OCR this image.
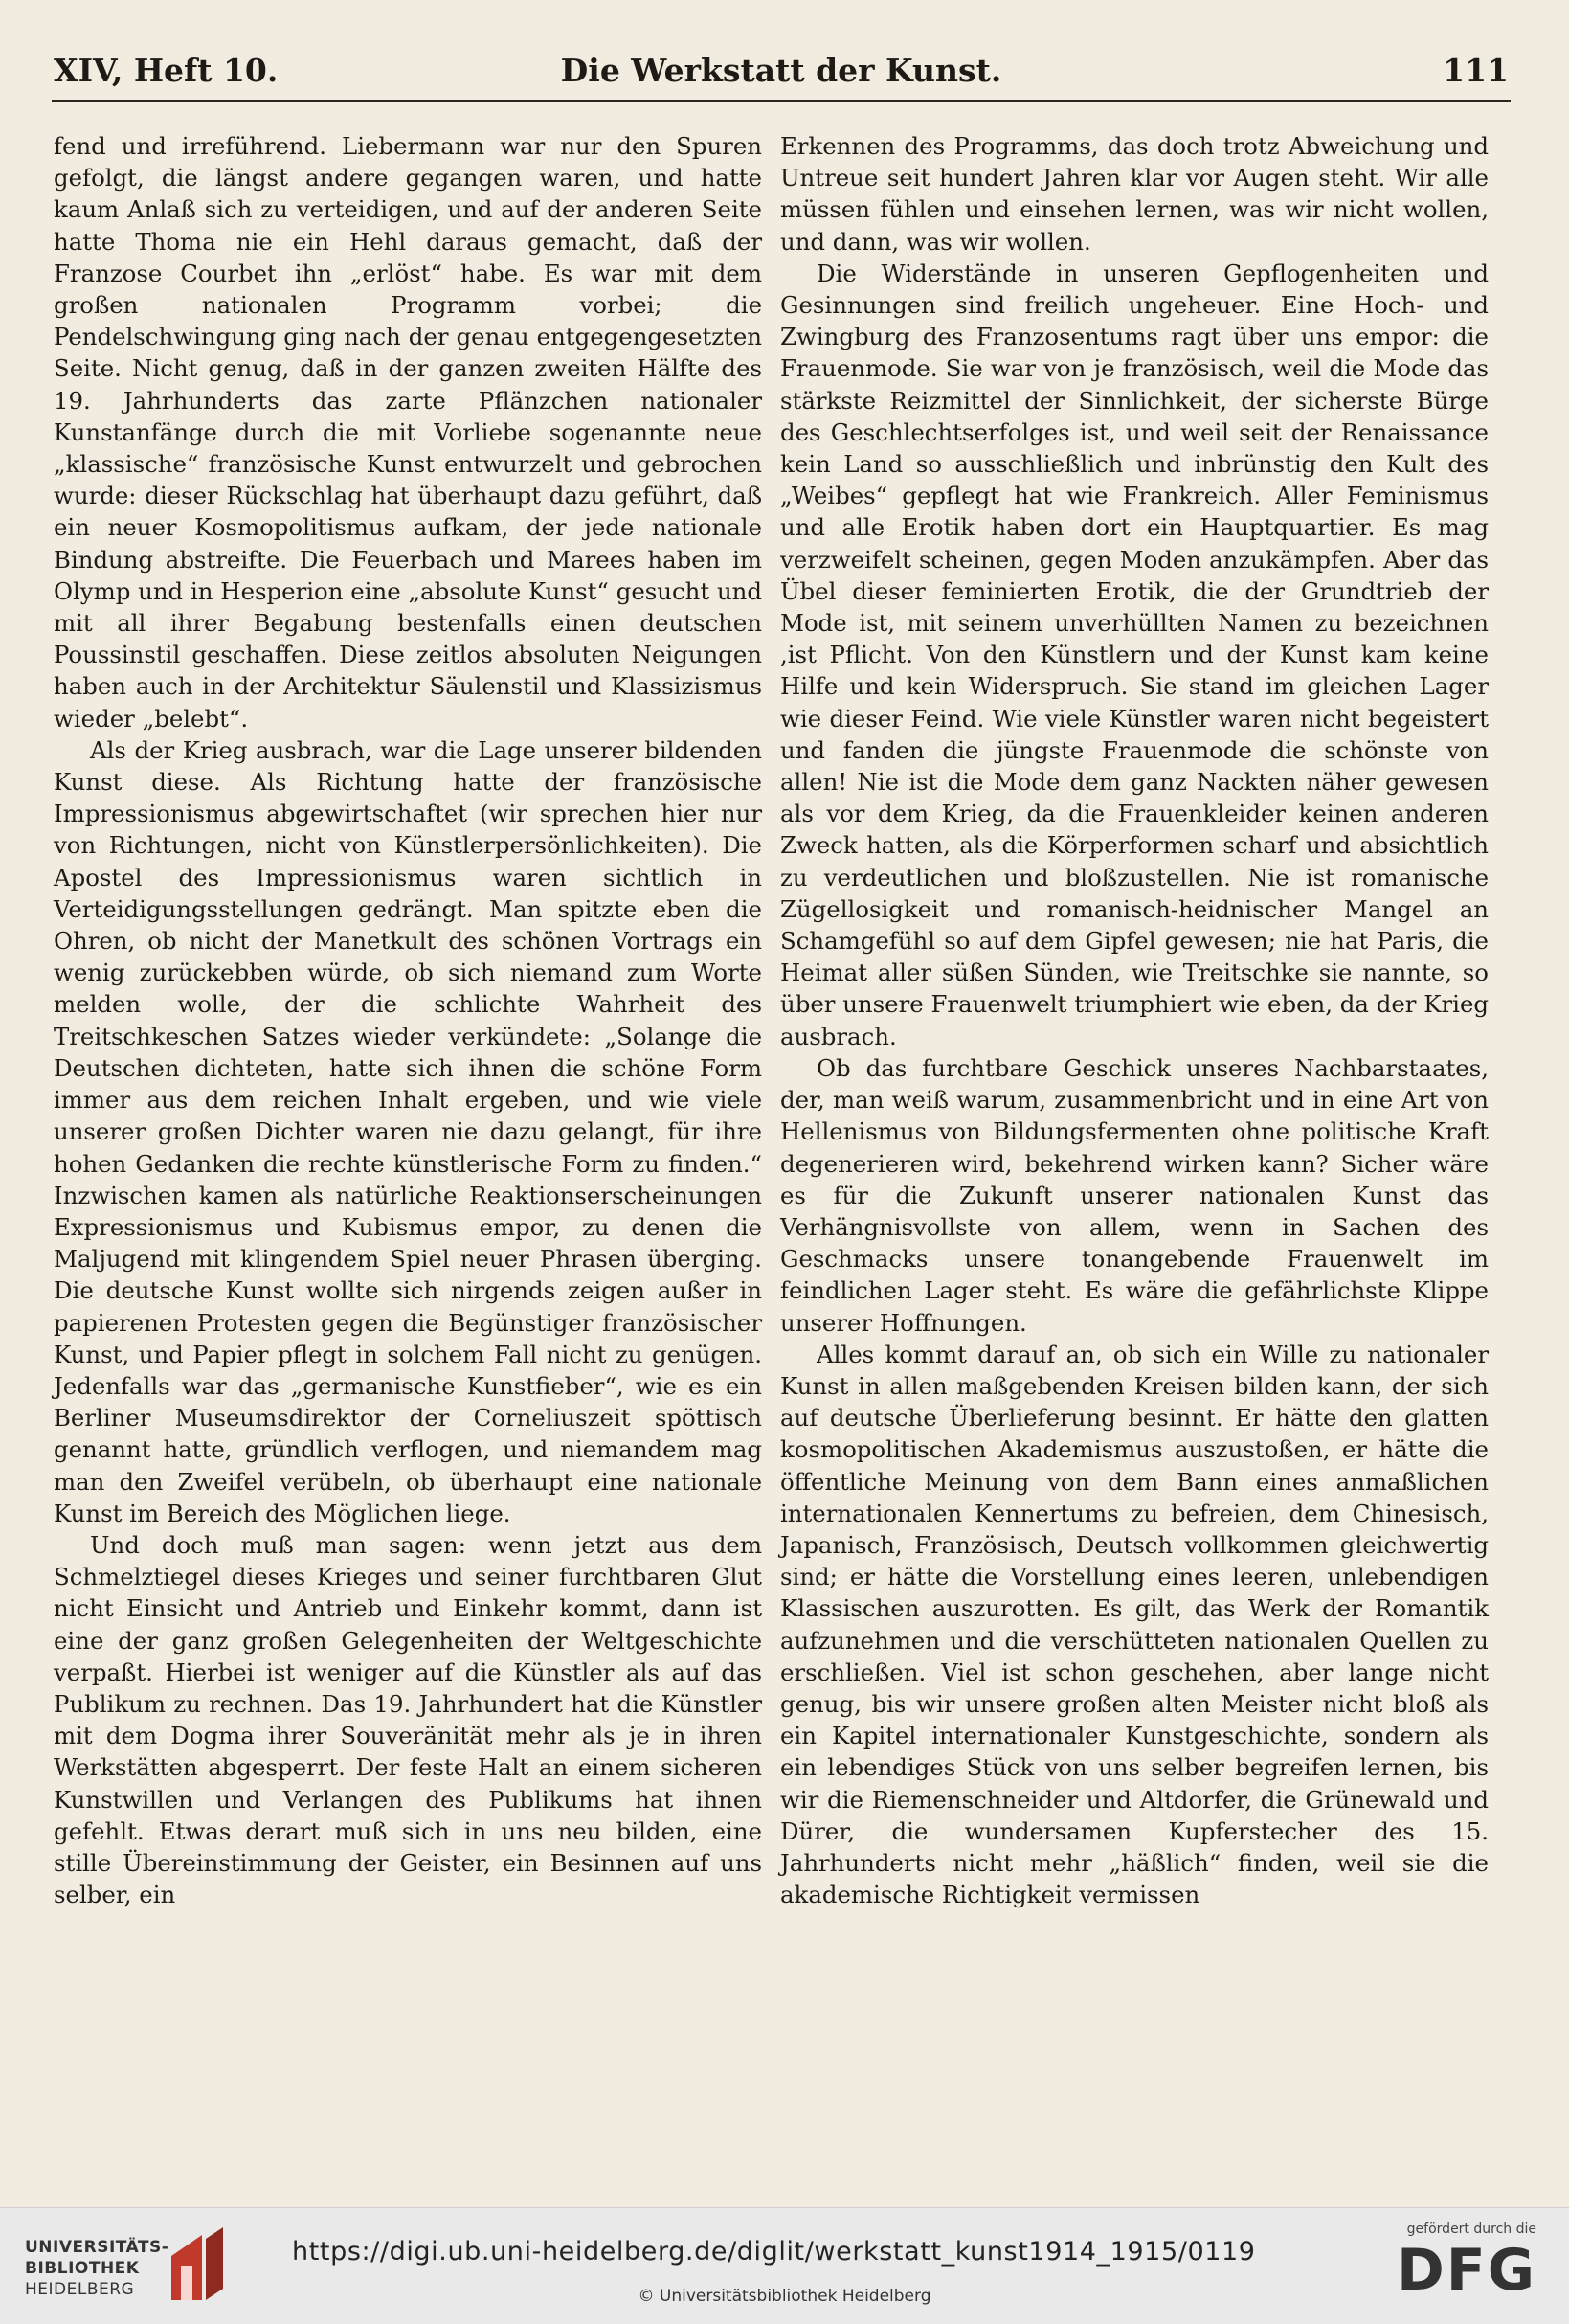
XIV, Heft 10.	Die Werkstatt der Kunst.	111

fend und irreführend. Liebermann war nur den Spuren gefolgt, die längst andere gegangen waren, und hatte kaum Anlaß sich zu verteidigen, und auf der anderen Seite hatte Thoma nie ein Hehl daraus gemacht, daß der Franzose Courbet ihn „erlöst“ habe. Es war mit dem großen nationalen Programm vorbei; die Pendelschwingung ging nach der genau entgegengesetzten Seite. Nicht genug, daß in der ganzen zweiten Hälfte des 19. Jahrhunderts das zarte Pflänzchen nationaler Kunstanfänge durch die mit Vorliebe sogenannte neue „klassische“ französische Kunst entwurzelt und gebrochen wurde: dieser Rückschlag hat überhaupt dazu geführt, daß ein neuer Kosmopolitismus aufkam, der jede nationale Bindung abstreifte. Die Feuerbach und Marees haben im Olymp und in Hesperion eine „absolute Kunst“ gesucht und mit all ihrer Begabung bestenfalls einen deutschen Poussinstil geschaffen. Diese zeitlos absoluten Neigungen haben auch in der Architektur Säulenstil und Klassizismus wieder „belebt“.

Als der Krieg ausbrach, war die Lage unserer bildenden Kunst diese. Als Richtung hatte der französische Impressionismus abgewirtschaftet (wir sprechen hier nur von Richtungen, nicht von Künstlerpersönlichkeiten). Die Apostel des Impressionismus waren sichtlich in Verteidigungsstellungen gedrängt. Man spitzte eben die Ohren, ob nicht der Manetkult des schönen Vortrags ein wenig zurückebben würde, ob sich niemand zum Worte melden wolle, der die schlichte Wahrheit des Treitschkeschen Satzes wieder verkündete: „Solange die Deutschen dichteten, hatte sich ihnen die schöne Form immer aus dem reichen Inhalt ergeben, und wie viele unserer großen Dichter waren nie dazu gelangt, für ihre hohen Gedanken die rechte künstlerische Form zu finden.“ Inzwischen kamen als natürliche Reaktionserscheinungen Expressionismus und Kubismus empor, zu denen die Maljugend mit klingendem Spiel neuer Phrasen überging. Die deutsche Kunst wollte sich nirgends zeigen außer in papierenen Protesten gegen die Begünstiger französischer Kunst, und Papier pflegt in solchem Fall nicht zu genügen. Jedenfalls war das „germanische Kunstfieber“, wie es ein Berliner Museumsdirektor der Corneliuszeit spöttisch genannt hatte, gründlich verflogen, und niemandem mag man den Zweifel verübeln, ob überhaupt eine nationale Kunst im Bereich des Möglichen liege.

Und doch muß man sagen: wenn jetzt aus dem Schmelztiegel dieses Krieges und seiner furchtbaren Glut nicht Einsicht und Antrieb und Einkehr kommt, dann ist eine der ganz großen Gelegenheiten der Weltgeschichte verpaßt. Hierbei ist weniger auf die Künstler als auf das Publikum zu rechnen. Das 19. Jahrhundert hat die Künstler mit dem Dogma ihrer Souveränität mehr als je in ihren Werkstätten abgesperrt. Der feste Halt an einem sicheren Kunstwillen und Verlangen des Publikums hat ihnen gefehlt. Etwas derart muß sich in uns neu bilden, eine stille Übereinstimmung der Geister, ein Besinnen auf uns selber, ein

Erkennen des Programms, das doch trotz Abweichung und Untreue seit hundert Jahren klar vor Augen steht. Wir alle müssen fühlen und einsehen lernen, was wir nicht wollen, und dann, was wir wollen.

Die Widerstände in unseren Gepflogenheiten und Gesinnungen sind freilich ungeheuer. Eine Hoch- und Zwingburg des Franzosentums ragt über uns empor: die Frauenmode. Sie war von je französisch, weil die Mode das stärkste Reizmittel der Sinnlichkeit, der sicherste Bürge des Geschlechtserfolges ist, und weil seit der Renaissance kein Land so ausschließlich und inbrünstig den Kult des „Weibes“ gepflegt hat wie Frankreich. Aller Feminismus und alle Erotik haben dort ein Hauptquartier. Es mag verzweifelt scheinen, gegen Moden anzukämpfen. Aber das Übel dieser feminierten Erotik, die der Grundtrieb der Mode ist, mit seinem unverhüllten Namen zu bezeichnen ,ist Pflicht. Von den Künstlern und der Kunst kam keine Hilfe und kein Widerspruch. Sie stand im gleichen Lager wie dieser Feind. Wie viele Künstler waren nicht begeistert und fanden die jüngste Frauenmode die schönste von allen! Nie ist die Mode dem ganz Nackten näher gewesen als vor dem Krieg, da die Frauenkleider keinen anderen Zweck hatten, als die Körperformen scharf und absichtlich zu verdeutlichen und bloßzustellen. Nie ist romanische Zügellosigkeit und romanisch-heidnischer Mangel an Schamgefühl so auf dem Gipfel gewesen; nie hat Paris, die Heimat aller süßen Sünden, wie Treitschke sie nannte, so über unsere Frauenwelt triumphiert wie eben, da der Krieg ausbrach.

Ob das furchtbare Geschick unseres Nachbarstaates, der, man weiß warum, zusammenbricht und in eine Art von Hellenismus von Bildungsfermenten ohne politische Kraft degenerieren wird, bekehrend wirken kann? Sicher wäre es für die Zukunft unserer nationalen Kunst das Verhängnisvollste von allem, wenn in Sachen des Geschmacks unsere tonangebende Frauenwelt im feindlichen Lager steht. Es wäre die gefährlichste Klippe unserer Hoffnungen.

Alles kommt darauf an, ob sich ein Wille zu nationaler Kunst in allen maßgebenden Kreisen bilden kann, der sich auf deutsche Überlieferung besinnt. Er hätte den glatten kosmopolitischen Akademismus auszustoßen, er hätte die öffentliche Meinung von dem Bann eines anmaßlichen internationalen Kennertums zu befreien, dem Chinesisch, Japanisch, Französisch, Deutsch vollkommen gleichwertig sind; er hätte die Vorstellung eines leeren, unlebendigen Klassischen auszurotten. Es gilt, das Werk der Romantik aufzunehmen und die verschütteten nationalen Quellen zu erschließen. Viel ist schon geschehen, aber lange nicht genug, bis wir unsere großen alten Meister nicht bloß als ein Kapitel internationaler Kunstgeschichte, sondern als ein lebendiges Stück von uns selber begreifen lernen, bis wir die Riemenschneider und Altdorfer, die Grünewald und Dürer, die wundersamen Kupferstecher des 15. Jahrhunderts nicht mehr „häßlich“ finden, weil sie die akademische Richtigkeit vermissen

UNIVERSITÄTS-
BIBLIOTHEK
HEIDELBERG
https://digi.ub.uni-heidelberg.de/diglit/werkstatt_kunst1914_1915/0119
© Universitätsbibliothek Heidelberg
gefördert durch die
DFG
